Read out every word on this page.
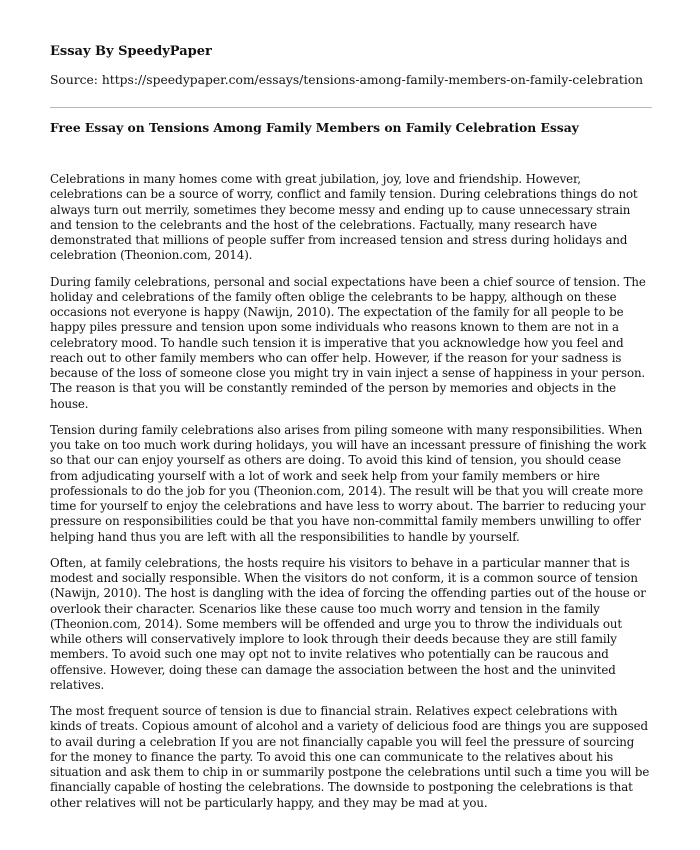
Essay By SpeedyPaper
Source: https://speedypaper.com/essays/tensions-among-family-members-on-family-celebration
Free Essay on Tensions Among Family Members on Family Celebration Essay

Celebrations in many homes come with great jubilation, joy, love and friendship. However, celebrations can be a source of worry, conflict and family tension. During celebrations things do not always turn out merrily, sometimes they become messy and ending up to cause unnecessary strain and tension to the celebrants and the host of the celebrations. Factually, many research have demonstrated that millions of people suffer from increased tension and stress during holidays and celebration (Theonion.com, 2014).

During family celebrations, personal and social expectations have been a chief source of tension. The holiday and celebrations of the family often oblige the celebrants to be happy, although on these occasions not everyone is happy (Nawijn, 2010). The expectation of the family for all people to be happy piles pressure and tension upon some individuals who reasons known to them are not in a celebratory mood. To handle such tension it is imperative that you acknowledge how you feel and reach out to other family members who can offer help. However, if the reason for your sadness is because of the loss of someone close you might try in vain inject a sense of happiness in your person. The reason is that you will be constantly reminded of the person by memories and objects in the house.

Tension during family celebrations also arises from piling someone with many responsibilities. When you take on too much work during holidays, you will have an incessant pressure of finishing the work so that our can enjoy yourself as others are doing. To avoid this kind of tension, you should cease from adjudicating yourself with a lot of work and seek help from your family members or hire professionals to do the job for you (Theonion.com, 2014). The result will be that you will create more time for yourself to enjoy the celebrations and have less to worry about. The barrier to reducing your pressure on responsibilities could be that you have non-committal family members unwilling to offer helping hand thus you are left with all the responsibilities to handle by yourself.

Often, at family celebrations, the hosts require his visitors to behave in a particular manner that is modest and socially responsible. When the visitors do not conform, it is a common source of tension (Nawijn, 2010). The host is dangling with the idea of forcing the offending parties out of the house or overlook their character. Scenarios like these cause too much worry and tension in the family (Theonion.com, 2014). Some members will be offended and urge you to throw the individuals out while others will conservatively implore to look through their deeds because they are still family members. To avoid such one may opt not to invite relatives who potentially can be raucous and offensive. However, doing these can damage the association between the host and the uninvited relatives.

The most frequent source of tension is due to financial strain. Relatives expect celebrations with kinds of treats. Copious amount of alcohol and a variety of delicious food are things you are supposed to avail during a celebration If you are not financially capable you will feel the pressure of sourcing for the money to finance the party. To avoid this one can communicate to the relatives about his situation and ask them to chip in or summarily postpone the celebrations until such a time you will be financially capable of hosting the celebrations. The downside to postponing the celebrations is that other relatives will not be particularly happy, and they may be mad at you.
